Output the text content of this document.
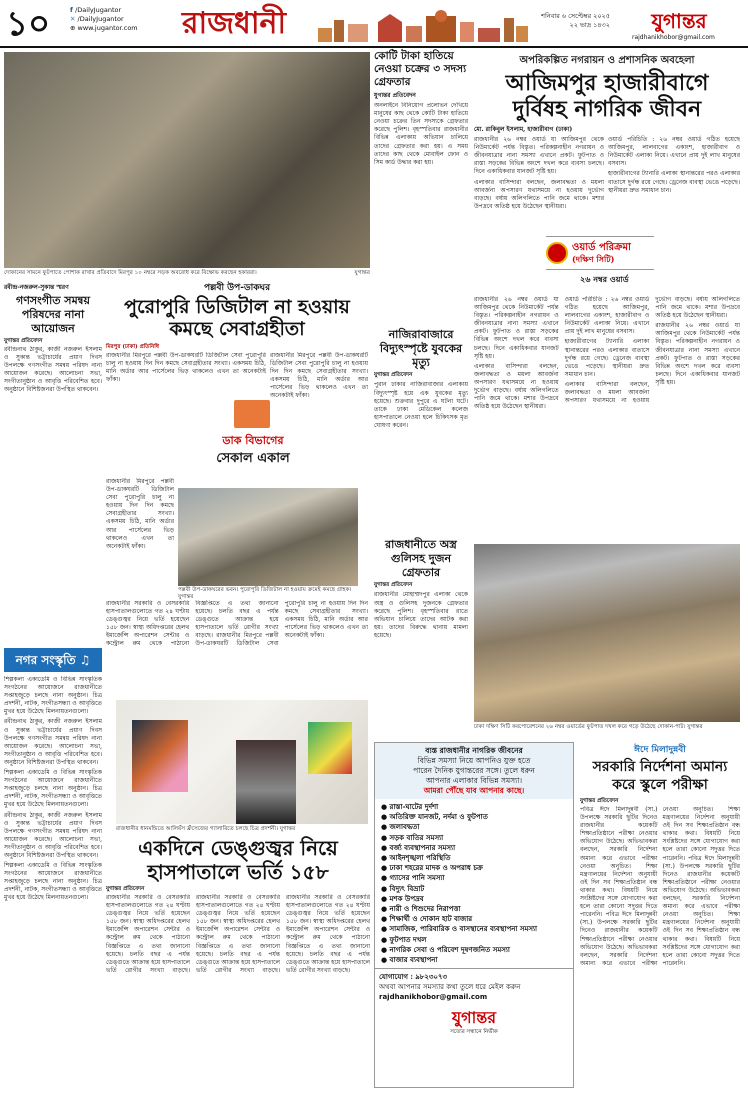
১০	f /DailyJugantor
✕ /DailyJugantor
⊕ www.jugantor.com রাজধানী	শনিবার ৬ সেপ্টেম্বর ২০২৫
২২ ভাদ্র ১৪৩২	যুগান্তর
rajdhanikhobor@gmail.com
দোকানের সামনে ফুটপাতে পোশাক রাখার প্রতিবাদে মিরপুর ১০ নম্বরে সড়ক অবরোধ করে বিক্ষোভ করছেন হকাররা।	যুগান্তর
কোটি টাকা হাতিয়ে নেওয়া চক্রের ৩ সদস্য গ্রেফতার
যুগান্তর প্রতিবেদন
অনলাইনে বিনিয়োগ প্রলোভন দেখিয়ে মানুষের কাছ থেকে কোটি টাকা হাতিয়ে নেওয়া চক্রের তিন সদস্যকে গ্রেফতার করেছে পুলিশ। বৃহস্পতিবার রাজধানীর বিভিন্ন এলাকায় অভিযান চালিয়ে তাদের গ্রেফতার করা হয়। এ সময় তাদের কাছ থেকে মোবাইল ফোন ও সিম কার্ড উদ্ধার করা হয়।
অপরিকল্পিত নগরায়ন ও প্রশাসনিক অবহেলা
আজিমপুর হাজারীবাগে
দুর্বিষহ নাগরিক জীবন
মো. রাকিবুল ইসলাম, হাজারীবাগ (ঢাকা)

রাজধানীর ২৬ নম্বর ওয়ার্ড যা আজিমপুর থেকে নিউমার্কেট পর্যন্ত বিস্তৃত। পরিকল্পনাহীন নগরায়ন ও জীবনযাত্রার নানা সমস্যা এখানে প্রকট। ফুটপাত ও রাস্তা সড়কের বিভিন্ন অংশে দখল করে ব্যবসা চলছে। দিনে একাধিকবার যানজট সৃষ্টি হয়।

এলাকার বাসিন্দারা বলছেন, জলাবদ্ধতা ও ময়লা আবর্জনা অপসারণ যথাসময়ে না হওয়ায় দুর্ভোগ বাড়ছে। বর্ষায় অলিগলিতে পানি জমে থাকে। মশার উপদ্রবে অতিষ্ঠ হয়ে উঠেছেন স্থানীয়রা।

ওয়ার্ড পরিচিতি : ২৬ নম্বর ওয়ার্ড গঠিত হয়েছে আজিমপুর, লালবাগের একাংশ, হাজারীবাগ ও নিউমার্কেট এলাকা নিয়ে। এখানে প্রায় দুই লাখ মানুষের বসবাস।

হাজারীবাগের ট্যানারি এলাকা স্থানান্তরের পরও এলাকার বাতাসে দুর্গন্ধ রয়ে গেছে। ড্রেনেজ ব্যবস্থা ভেঙে পড়েছে। স্থানীয়রা দ্রুত সমাধান চান।

ওয়ার্ড পরিক্রমা
(দক্ষিণ সিটি)
২৬ নম্বর ওয়ার্ড
রবীন্দ্র-নজরুল-সুকান্ত স্মরণ
গণসংগীত সমন্বয় পরিষদের নানা আয়োজন
যুগান্তর প্রতিবেদন
রবীন্দ্রনাথ ঠাকুর, কাজী নজরুল ইসলাম ও সুকান্ত ভট্টাচার্যের প্রয়াণ দিবস উপলক্ষে গণসংগীত সমন্বয় পরিষদ নানা আয়োজন করেছে। আলোচনা সভা, সংগীতানুষ্ঠান ও আবৃত্তি পরিবেশিত হবে। অনুষ্ঠানে বিশিষ্টজনরা উপস্থিত থাকবেন।
পল্লবী উপ-ডাকঘর
পুরোপুরি ডিজিটাল না হওয়ায়
কমছে সেবাগ্রহীতা
মিরপুর (ঢাকা) প্রতিনিধি
রাজধানীর মিরপুরে পল্লবী উপ-ডাকঘরটি ডিজিটাল সেবা পুরোপুরি চালু না হওয়ায় দিন দিন কমছে সেবাগ্রহীতার সংখ্যা। একসময় চিঠি, মানি অর্ডার আর পার্সেলের ভিড় থাকলেও এখন তা অনেকটাই ফাঁকা।
ডাক বিভাগের
সেকাল একাল
রাজধানীর মিরপুরে পল্লবী উপ-ডাকঘরটি ডিজিটাল সেবা পুরোপুরি চালু না হওয়ায় দিন দিন কমছে সেবাগ্রহীতার সংখ্যা। একসময় চিঠি, মানি অর্ডার আর পার্সেলের ভিড় থাকলেও এখন তা অনেকটাই ফাঁকা।
পল্লবী উপ-ডাকঘরের ভবন। পুরোপুরি ডিজিটাল না হওয়ায় ক্রমেই কমছে গ্রাহক। যুগান্তর
রাজধানীর মিরপুরে পল্লবী উপ-ডাকঘরটি ডিজিটাল সেবা পুরোপুরি চালু না হওয়ায় দিন দিন কমছে সেবাগ্রহীতার সংখ্যা। একসময় চিঠি, মানি অর্ডার আর পার্সেলের ভিড় থাকলেও এখন তা অনেকটাই ফাঁকা।
রাজধানীর সরকারি ও বেসরকারি হাসপাতালগুলোতে গত ২৪ ঘণ্টায় ডেঙ্গুজ্বর নিয়ে ভর্তি হয়েছেন ১৫৮ জন। স্বাস্থ্য অধিদপ্তরের হেলথ ইমার্জেন্সি অপারেশন সেন্টার ও কন্ট্রোল রুম থেকে পাঠানো বিজ্ঞপ্তিতে এ তথ্য জানানো হয়েছে। চলতি বছর এ পর্যন্ত ডেঙ্গুতে আক্রান্ত হয়ে হাসপাতালে ভর্তি রোগীর সংখ্যা বাড়ছে। রাজধানীর মিরপুরে পল্লবী উপ-ডাকঘরটি ডিজিটাল সেবা পুরোপুরি চালু না হওয়ায় দিন দিন কমছে সেবাগ্রহীতার সংখ্যা। একসময় চিঠি, মানি অর্ডার আর পার্সেলের ভিড় থাকলেও এখন তা অনেকটাই ফাঁকা।
নগর সংস্কৃতি ♫

শিল্পকলা একাডেমি ও বিভিন্ন সাংস্কৃতিক সংগঠনের আয়োজনে রাজধানীতে সপ্তাহজুড়ে চলছে নানা অনুষ্ঠান। চিত্র প্রদর্শনী, নাটক, সংগীতসন্ধ্যা ও আবৃত্তিতে মুখর হয়ে উঠেছে মিলনায়তনগুলো।

রবীন্দ্রনাথ ঠাকুর, কাজী নজরুল ইসলাম ও সুকান্ত ভট্টাচার্যের প্রয়াণ দিবস উপলক্ষে গণসংগীত সমন্বয় পরিষদ নানা আয়োজন করেছে। আলোচনা সভা, সংগীতানুষ্ঠান ও আবৃত্তি পরিবেশিত হবে। অনুষ্ঠানে বিশিষ্টজনরা উপস্থিত থাকবেন।

শিল্পকলা একাডেমি ও বিভিন্ন সাংস্কৃতিক সংগঠনের আয়োজনে রাজধানীতে সপ্তাহজুড়ে চলছে নানা অনুষ্ঠান। চিত্র প্রদর্শনী, নাটক, সংগীতসন্ধ্যা ও আবৃত্তিতে মুখর হয়ে উঠেছে মিলনায়তনগুলো।

রবীন্দ্রনাথ ঠাকুর, কাজী নজরুল ইসলাম ও সুকান্ত ভট্টাচার্যের প্রয়াণ দিবস উপলক্ষে গণসংগীত সমন্বয় পরিষদ নানা আয়োজন করেছে। আলোচনা সভা, সংগীতানুষ্ঠান ও আবৃত্তি পরিবেশিত হবে। অনুষ্ঠানে বিশিষ্টজনরা উপস্থিত থাকবেন।

শিল্পকলা একাডেমি ও বিভিন্ন সাংস্কৃতিক সংগঠনের আয়োজনে রাজধানীতে সপ্তাহজুড়ে চলছে নানা অনুষ্ঠান। চিত্র প্রদর্শনী, নাটক, সংগীতসন্ধ্যা ও আবৃত্তিতে মুখর হয়ে উঠেছে মিলনায়তনগুলো।

রাজধানীর ধানমন্ডিতে আলিয়ঁস ফ্রঁসেজের গ্যালারিতে চলছে চিত্র প্রদর্শনী। যুগান্তর
একদিনে ডেঙ্গুজ্বর নিয়ে
হাসপাতালে ভর্তি ১৫৮
যুগান্তর প্রতিবেদন
রাজধানীর সরকারি ও বেসরকারি হাসপাতালগুলোতে গত ২৪ ঘণ্টায় ডেঙ্গুজ্বর নিয়ে ভর্তি হয়েছেন ১৫৮ জন। স্বাস্থ্য অধিদপ্তরের হেলথ ইমার্জেন্সি অপারেশন সেন্টার ও কন্ট্রোল রুম থেকে পাঠানো বিজ্ঞপ্তিতে এ তথ্য জানানো হয়েছে। চলতি বছর এ পর্যন্ত ডেঙ্গুতে আক্রান্ত হয়ে হাসপাতালে ভর্তি রোগীর সংখ্যা বাড়ছে। রাজধানীর সরকারি ও বেসরকারি হাসপাতালগুলোতে গত ২৪ ঘণ্টায় ডেঙ্গুজ্বর নিয়ে ভর্তি হয়েছেন ১৫৮ জন। স্বাস্থ্য অধিদপ্তরের হেলথ ইমার্জেন্সি অপারেশন সেন্টার ও কন্ট্রোল রুম থেকে পাঠানো বিজ্ঞপ্তিতে এ তথ্য জানানো হয়েছে। চলতি বছর এ পর্যন্ত ডেঙ্গুতে আক্রান্ত হয়ে হাসপাতালে ভর্তি রোগীর সংখ্যা বাড়ছে। রাজধানীর সরকারি ও বেসরকারি হাসপাতালগুলোতে গত ২৪ ঘণ্টায় ডেঙ্গুজ্বর নিয়ে ভর্তি হয়েছেন ১৫৮ জন। স্বাস্থ্য অধিদপ্তরের হেলথ ইমার্জেন্সি অপারেশন সেন্টার ও কন্ট্রোল রুম থেকে পাঠানো বিজ্ঞপ্তিতে এ তথ্য জানানো হয়েছে। চলতি বছর এ পর্যন্ত ডেঙ্গুতে আক্রান্ত হয়ে হাসপাতালে ভর্তি রোগীর সংখ্যা বাড়ছে।
নাজিরাবাজারে বিদ্যুৎস্পৃষ্টে যুবকের মৃত্যু
যুগান্তর প্রতিবেদন
পুরান ঢাকার নাজিরাবাজার এলাকায় বিদ্যুৎস্পৃষ্ট হয়ে এক যুবকের মৃত্যু হয়েছে। শুক্রবার দুপুরে এ ঘটনা ঘটে। তাকে ঢাকা মেডিকেল কলেজ হাসপাতালে নেওয়া হলে চিকিৎসক মৃত ঘোষণা করেন।
রাজধানীতে অস্ত্র গুলিসহ দুজন গ্রেফতার
যুগান্তর প্রতিবেদন
রাজধানীর মোহাম্মদপুর এলাকা থেকে অস্ত্র ও গুলিসহ দুজনকে গ্রেফতার করেছে পুলিশ। বৃহস্পতিবার রাতে অভিযান চালিয়ে তাদের আটক করা হয়। তাদের বিরুদ্ধে থানায় মামলা হয়েছে।

রাজধানীর ২৬ নম্বর ওয়ার্ড যা আজিমপুর থেকে নিউমার্কেট পর্যন্ত বিস্তৃত। পরিকল্পনাহীন নগরায়ন ও জীবনযাত্রার নানা সমস্যা এখানে প্রকট। ফুটপাত ও রাস্তা সড়কের বিভিন্ন অংশে দখল করে ব্যবসা চলছে। দিনে একাধিকবার যানজট সৃষ্টি হয়।

এলাকার বাসিন্দারা বলছেন, জলাবদ্ধতা ও ময়লা আবর্জনা অপসারণ যথাসময়ে না হওয়ায় দুর্ভোগ বাড়ছে। বর্ষায় অলিগলিতে পানি জমে থাকে। মশার উপদ্রবে অতিষ্ঠ হয়ে উঠেছেন স্থানীয়রা।

ওয়ার্ড পরিচিতি : ২৬ নম্বর ওয়ার্ড গঠিত হয়েছে আজিমপুর, লালবাগের একাংশ, হাজারীবাগ ও নিউমার্কেট এলাকা নিয়ে। এখানে প্রায় দুই লাখ মানুষের বসবাস।

হাজারীবাগের ট্যানারি এলাকা স্থানান্তরের পরও এলাকার বাতাসে দুর্গন্ধ রয়ে গেছে। ড্রেনেজ ব্যবস্থা ভেঙে পড়েছে। স্থানীয়রা দ্রুত সমাধান চান।

এলাকার বাসিন্দারা বলছেন, জলাবদ্ধতা ও ময়লা আবর্জনা অপসারণ যথাসময়ে না হওয়ায় দুর্ভোগ বাড়ছে। বর্ষায় অলিগলিতে পানি জমে থাকে। মশার উপদ্রবে অতিষ্ঠ হয়ে উঠেছেন স্থানীয়রা।

রাজধানীর ২৬ নম্বর ওয়ার্ড যা আজিমপুর থেকে নিউমার্কেট পর্যন্ত বিস্তৃত। পরিকল্পনাহীন নগরায়ন ও জীবনযাত্রার নানা সমস্যা এখানে প্রকট। ফুটপাত ও রাস্তা সড়কের বিভিন্ন অংশে দখল করে ব্যবসা চলছে। দিনে একাধিকবার যানজট সৃষ্টি হয়।

ঢাকা দক্ষিণ সিটি করপোরেশনের ২৬ নম্বর ওয়ার্ডের ফুটপাত দখল করে গড়ে উঠেছে দোকান-পাট। যুগান্তর
ব্যস্ত রাজধানীর নাগরিক জীবনের
বিভিন্ন সমস্যা নিয়ে আপনিও যুক্ত হতে
পারেন দৈনিক যুগান্তরের সঙ্গে। তুলে ধরুন
আপনার এলাকার বিভিন্ন সমস্যা।
আমরা পৌঁছে যাব আপনার কাছে।
● রাস্তা-ঘাটের দুর্দশা
● অতিরিক্ত যানজট, নর্দমা ও ফুটপাত
● জলাবদ্ধতা
● সড়ক বাতির সমস্যা
● বর্জ্য ব্যবস্থাপনার সমস্যা
● আইনশৃঙ্খলা পরিস্থিতি
● ঢাকা শহরের মাদক ও অপরাধ চক্র
● গ্যাসের পানি সমস্যা
● বিদ্যুৎ বিভ্রাট
● মশক উপদ্রব
● নারী ও শিশুদের নিরাপত্তা
● শিক্ষার্থী ও দোকান হাট বাজার
● সামাজিক, পারিবারিক ও বাসস্থানের ব্যবস্থাপনা সমস্যা
● ফুটপাত দখল
● নাগরিক সেবা ও পরিবেশ দূষণজনিত সমস্যা
● বাজার ব্যবস্থাপনা
যোগাযোগ : ৯৮২৩০৭৩
অথবা আপনার সমস্যার কথা তুলে ধরে মেইল করুন
rajdhanikhobor@gmail.com
যুগান্তর
সত্যের সন্ধানে নির্ভীক
ঈদে মিলাদুন্নবী
সরকারি নির্দেশনা অমান্য
করে স্কুলে পরীক্ষা
যুগান্তর প্রতিবেদন
পবিত্র ঈদে মিলাদুন্নবী (সা.) উপলক্ষে সরকারি ছুটির দিনেও রাজধানীর কয়েকটি শিক্ষাপ্রতিষ্ঠানে পরীক্ষা নেওয়ার অভিযোগ উঠেছে। অভিভাবকরা বলছেন, সরকারি নির্দেশনা অমান্য করে এভাবে পরীক্ষা নেওয়া অনুচিত। শিক্ষা মন্ত্রণালয়ের নির্দেশনা অনুযায়ী ওই দিন সব শিক্ষাপ্রতিষ্ঠান বন্ধ থাকার কথা। বিষয়টি নিয়ে সংশ্লিষ্টদের সঙ্গে যোগাযোগ করা হলে তারা কোনো সদুত্তর দিতে পারেননি। পবিত্র ঈদে মিলাদুন্নবী (সা.) উপলক্ষে সরকারি ছুটির দিনেও রাজধানীর কয়েকটি শিক্ষাপ্রতিষ্ঠানে পরীক্ষা নেওয়ার অভিযোগ উঠেছে। অভিভাবকরা বলছেন, সরকারি নির্দেশনা অমান্য করে এভাবে পরীক্ষা নেওয়া অনুচিত। শিক্ষা মন্ত্রণালয়ের নির্দেশনা অনুযায়ী ওই দিন সব শিক্ষাপ্রতিষ্ঠান বন্ধ থাকার কথা। বিষয়টি নিয়ে সংশ্লিষ্টদের সঙ্গে যোগাযোগ করা হলে তারা কোনো সদুত্তর দিতে পারেননি। পবিত্র ঈদে মিলাদুন্নবী (সা.) উপলক্ষে সরকারি ছুটির দিনেও রাজধানীর কয়েকটি শিক্ষাপ্রতিষ্ঠানে পরীক্ষা নেওয়ার অভিযোগ উঠেছে। অভিভাবকরা বলছেন, সরকারি নির্দেশনা অমান্য করে এভাবে পরীক্ষা নেওয়া অনুচিত। শিক্ষা মন্ত্রণালয়ের নির্দেশনা অনুযায়ী ওই দিন সব শিক্ষাপ্রতিষ্ঠান বন্ধ থাকার কথা। বিষয়টি নিয়ে সংশ্লিষ্টদের সঙ্গে যোগাযোগ করা হলে তারা কোনো সদুত্তর দিতে পারেননি।
